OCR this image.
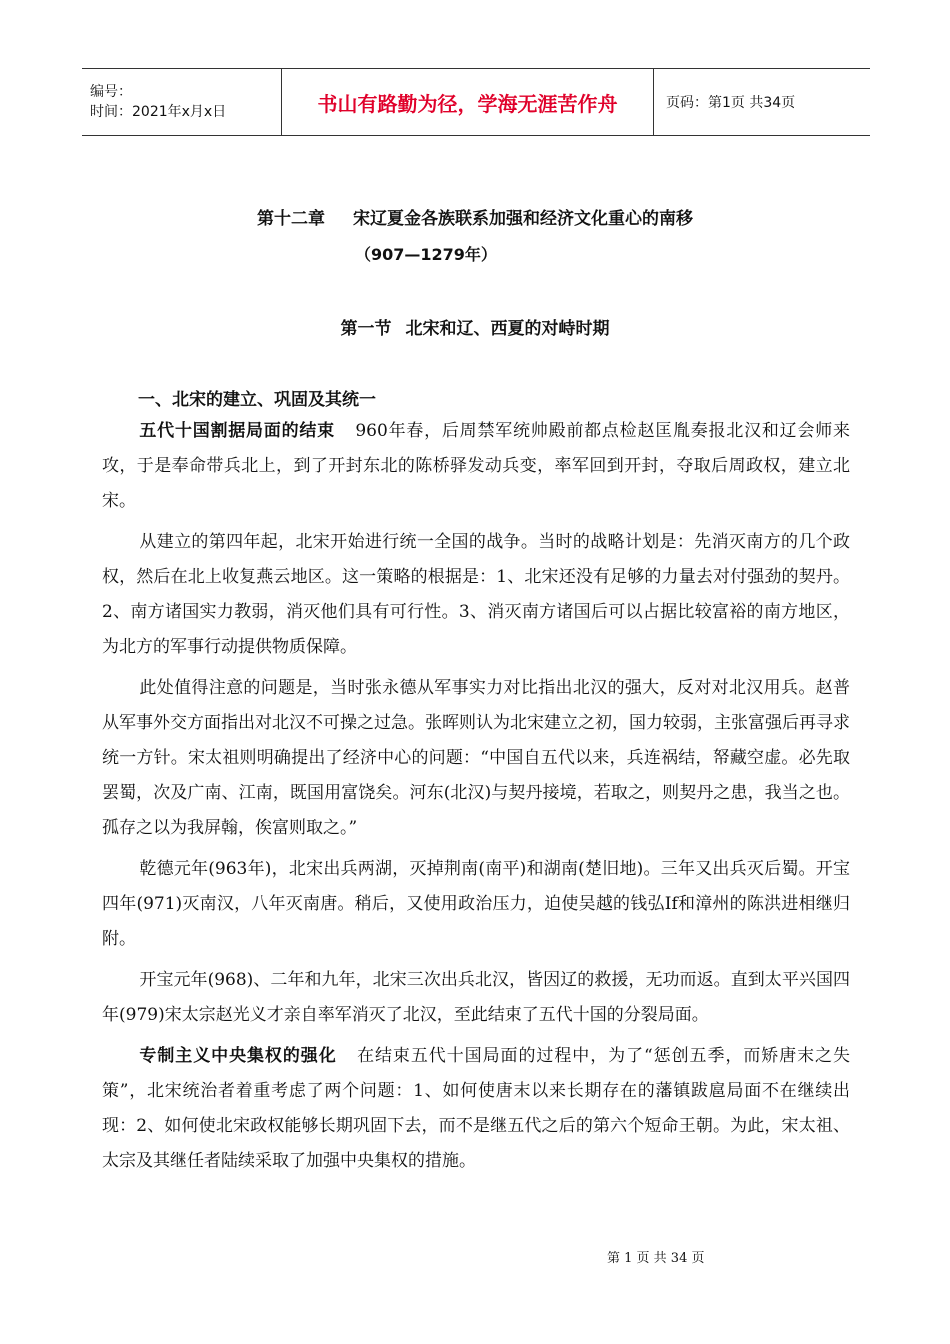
编号：
时间：2021年x月x日	书山有路勤为径，学海无涯苦作舟	页码：第1页 共34页
第十二章 宋辽夏金各族联系加强和经济文化重心的南移
（907—1279年）
第一节 北宋和辽、西夏的对峙时期
一、北宋的建立、巩固及其统一

五代十国割据局面的结束 960年春，后周禁军统帅殿前都点检赵匡胤奏报北汉和辽会师来攻，于是奉命带兵北上，到了开封东北的陈桥驿发动兵变，率军回到开封，夺取后周政权，建立北宋。

从建立的第四年起，北宋开始进行统一全国的战争。当时的战略计划是：先消灭南方的几个政权，然后在北上收复燕云地区。这一策略的根据是：1、北宋还没有足够的力量去对付强劲的契丹。2、南方诸国实力教弱，消灭他们具有可行性。3、消灭南方诸国后可以占据比较富裕的南方地区，为北方的军事行动提供物质保障。

此处值得注意的问题是，当时张永德从军事实力对比指出北汉的强大，反对对北汉用兵。赵普从军事外交方面指出对北汉不可操之过急。张晖则认为北宋建立之初，国力较弱，主张富强后再寻求统一方针。宋太祖则明确提出了经济中心的问题：“中国自五代以来，兵连祸结，帑藏空虚。必先取罢蜀，次及广南、江南，既国用富饶矣。河东(北汉)与契丹接境，若取之，则契丹之患，我当之也。孤存之以为我屏翰，俟富则取之。”

乾德元年(963年)，北宋出兵两湖，灭掉荆南(南平)和湖南(楚旧地)。三年又出兵灭后蜀。开宝四年(971)灭南汉，八年灭南唐。稍后，又使用政治压力，迫使吴越的钱弘If和漳州的陈洪进相继归附。

开宝元年(968)、二年和九年，北宋三次出兵北汉，皆因辽的救援，无功而返。直到太平兴国四年(979)宋太宗赵光义才亲自率军消灭了北汉，至此结束了五代十国的分裂局面。

专制主义中央集权的强化 在结束五代十国局面的过程中，为了“惩创五季，而矫唐末之失策”，北宋统治者着重考虑了两个问题：1、如何使唐末以来长期存在的藩镇跋扈局面不在继续出现：2、如何使北宋政权能够长期巩固下去，而不是继五代之后的第六个短命王朝。为此，宋太祖、太宗及其继任者陆续采取了加强中央集权的措施。

第 1 页 共 34 页
